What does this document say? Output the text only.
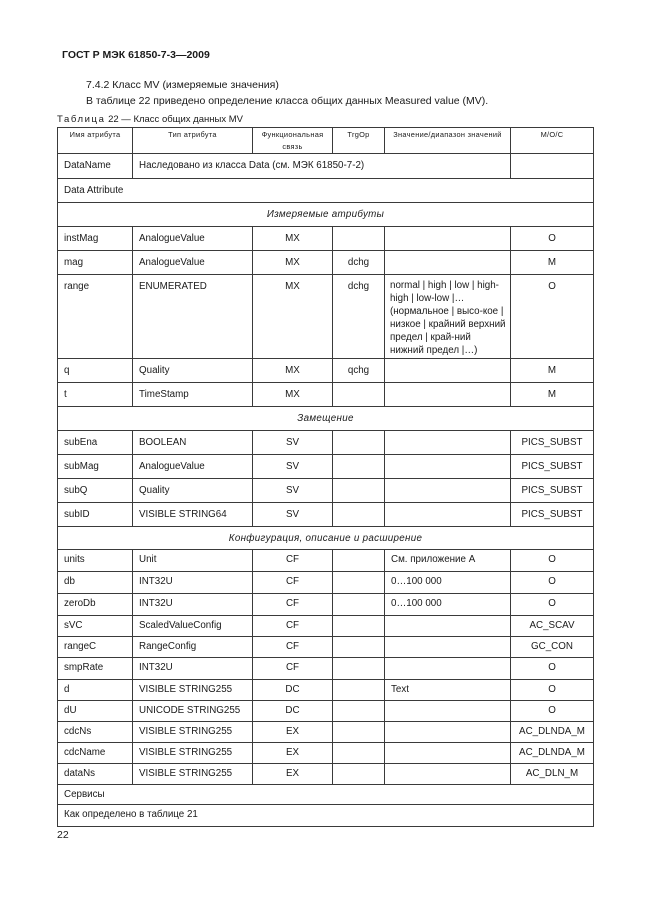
ГОСТ Р МЭК 61850-7-3—2009
7.4.2 Класс MV (измеряемые значения)
В таблице 22 приведено определение класса общих данных Measured value (MV).
Таблица 22 — Класс общих данных MV
Имя атрибута	Тип атрибута	Функциональная связь	TrgOp	Значение/диапазон значений	М/О/С
DataName	Наследовано из класса Data (см. МЭК 61850-7-2)				
Data Attribute					
Измеряемые атрибуты					
instMag	AnalogueValue	MX			O
mag	AnalogueValue	MX	dchg		M
range	ENUMERATED	MX	dchg	normal | high | low | high-high | low-low |… (нормальное | высо-кое | низкое | крайний верхний предел | край-ний нижний предел |…)	O
q	Quality	MX	qchg		M
t	TimeStamp	MX			M
Замещение					
subEna	BOOLEAN	SV			PICS_SUBST
subMag	AnalogueValue	SV			PICS_SUBST
subQ	Quality	SV			PICS_SUBST
subID	VISIBLE STRING64	SV			PICS_SUBST
Конфигурация, описание и расширение					
units	Unit	CF		См. приложение А	O
db	INT32U	CF		0…100 000	O
zeroDb	INT32U	CF		0…100 000	O
sVC	ScaledValueConfig	CF			AC_SCAV
rangeC	RangeConfig	CF			GC_CON
smpRate	INT32U	CF			O
d	VISIBLE STRING255	DC		Text	O
dU	UNICODE STRING255	DC			O
cdcNs	VISIBLE STRING255	EX			AC_DLNDA_M
cdcName	VISIBLE STRING255	EX			AC_DLNDA_M
dataNs	VISIBLE STRING255	EX			AC_DLN_M
Сервисы					
Как определено в таблице 21					
22
